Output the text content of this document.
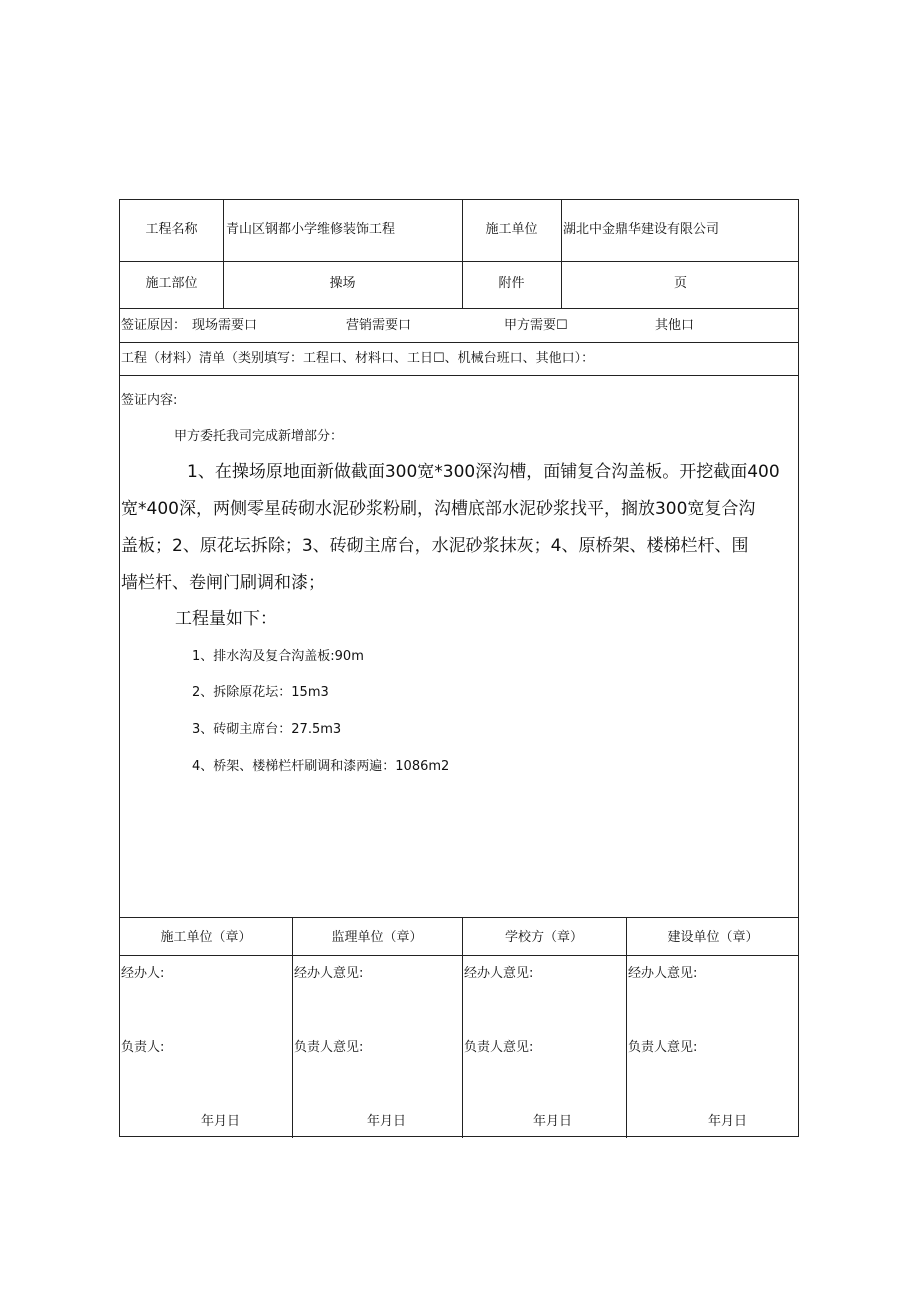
工程名称	青山区钢都小学维修装饰工程	施工单位	湖北中金鼎华建设有限公司
施工部位	操场	附件	页
签证原因： 现场需要口	营销需要口	甲方需要☐	其他口
工程（材料）清单（类别填写：工程口、材料口、工日☐、机械台班口、其他口）：
签证内容:
甲方委托我司完成新增部分：
1、在操场原地面新做截面300宽*300深沟槽，面铺复合沟盖板。开挖截面400
宽*400深，两侧零星砖砌水泥砂浆粉刷，沟槽底部水泥砂浆找平，搁放300宽复合沟
盖板；2、原花坛拆除；3、砖砌主席台，水泥砂浆抹灰；4、原桥架、楼梯栏杆、围
墙栏杆、卷闸门刷调和漆；
工程量如下：
1、排水沟及复合沟盖板:90m
2、拆除原花坛：15m3
3、砖砌主席台：27.5m3
4、桥架、楼梯栏杆刷调和漆两遍：1086m2
施工单位（章）	监理单位（章）	学校方（章）	建设单位（章）
经办人:	经办人意见:	经办人意见:	经办人意见:
负责人:	负责人意见:	负责人意见:	负责人意见:
年月日	年月日	年月日	年月日
